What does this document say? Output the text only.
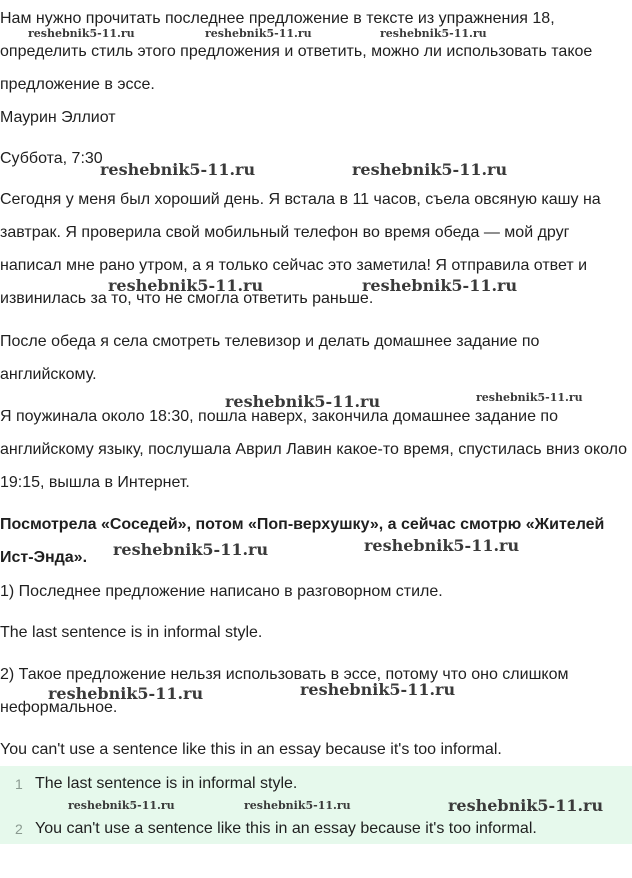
Нам нужно прочитать последнее предложение в тексте из упражнения 18, определить стиль этого предложения и ответить, можно ли использовать такое предложение в эссе.

Маурин Эллиот

Суббота, 7:30

Сегодня у меня был хороший день. Я встала в 11 часов, съела овсяную кашу на завтрак. Я проверила свой мобильный телефон во время обеда — мой друг написал мне рано утром, а я только сейчас это заметила! Я отправила ответ и извинилась за то, что не смогла ответить раньше.

После обеда я села смотреть телевизор и делать домашнее задание по английскому.

Я поужинала около 18:30, пошла наверх, закончила домашнее задание по английскому языку, послушала Аврил Лавин какое-то время, спустилась вниз около 19:15, вышла в Интернет.

Посмотрела «Соседей», потом «Поп-верхушку», а сейчас смотрю «Жителей Ист-Энда».

1) Последнее предложение написано в разговорном стиле.

The last sentence is in informal style.

2) Такое предложение нельзя использовать в эссе, потому что оно слишком неформальное.

You can't use a sentence like this in an essay because it's too informal.

1 The last sentence is in informal style.
2 You can't use a sentence like this in an essay because it's too informal.
reshebnik5-11.ru	reshebnik5-11.ru	reshebnik5-11.ru
reshebnik5-11.ru	reshebnik5-11.ru
reshebnik5-11.ru	reshebnik5-11.ru
reshebnik5-11.ru	reshebnik5-11.ru
reshebnik5-11.ru	reshebnik5-11.ru
reshebnik5-11.ru	reshebnik5-11.ru
reshebnik5-11.ru	reshebnik5-11.ru	reshebnik5-11.ru
